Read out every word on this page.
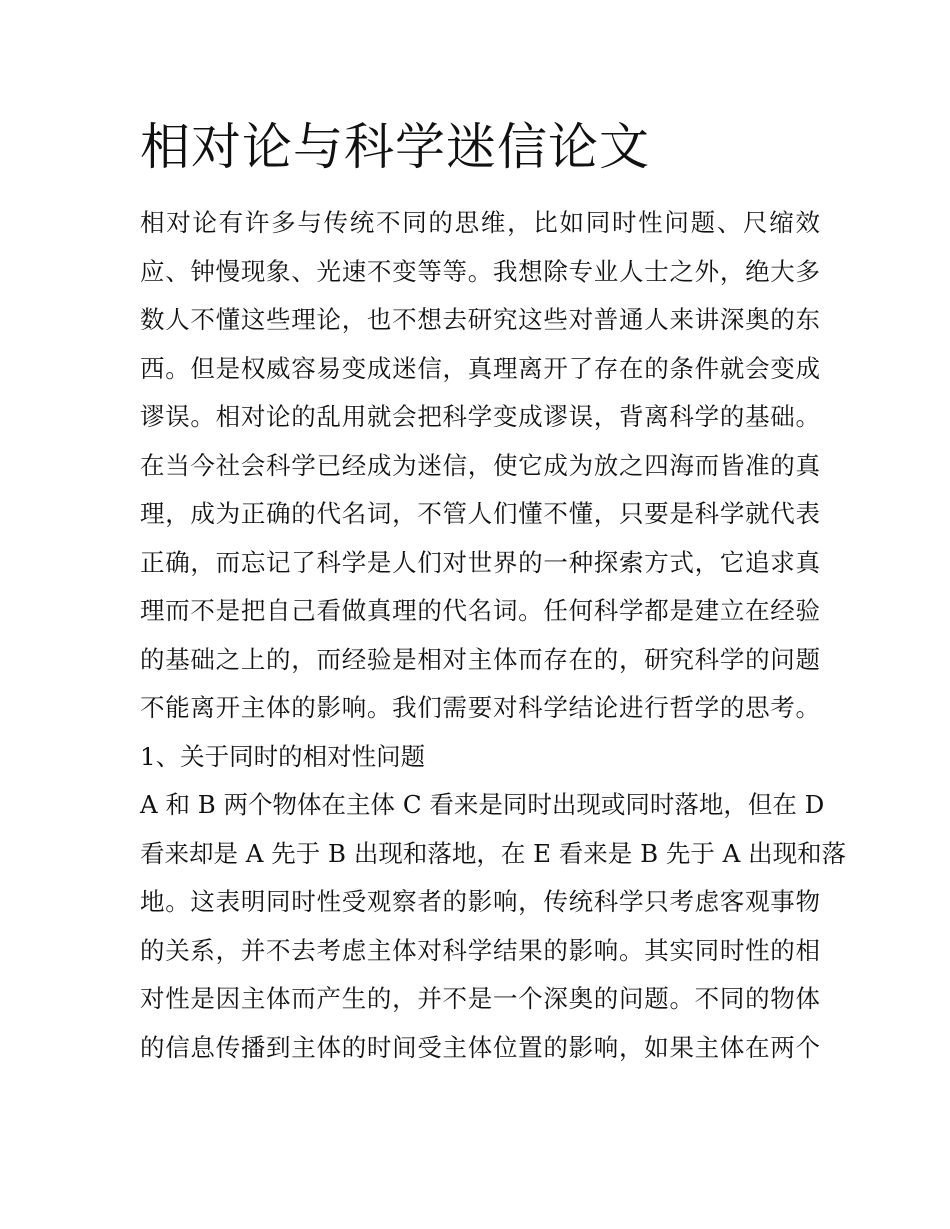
相对论与科学迷信论文
相对论有许多与传统不同的思维，比如同时性问题、尺缩效
应、钟慢现象、光速不变等等。我想除专业人士之外，绝大多
数人不懂这些理论，也不想去研究这些对普通人来讲深奥的东
西。但是权威容易变成迷信，真理离开了存在的条件就会变成
谬误。相对论的乱用就会把科学变成谬误，背离科学的基础。
在当今社会科学已经成为迷信，使它成为放之四海而皆准的真
理，成为正确的代名词，不管人们懂不懂，只要是科学就代表
正确，而忘记了科学是人们对世界的一种探索方式，它追求真
理而不是把自己看做真理的代名词。任何科学都是建立在经验
的基础之上的，而经验是相对主体而存在的，研究科学的问题
不能离开主体的影响。我们需要对科学结论进行哲学的思考。
1、关于同时的相对性问题
A 和 B 两个物体在主体 C 看来是同时出现或同时落地，但在 D
看来却是 A 先于 B 出现和落地，在 E 看来是 B 先于 A 出现和落
地。这表明同时性受观察者的影响，传统科学只考虑客观事物
的关系，并不去考虑主体对科学结果的影响。其实同时性的相
对性是因主体而产生的，并不是一个深奥的问题。不同的物体
的信息传播到主体的时间受主体位置的影响，如果主体在两个
